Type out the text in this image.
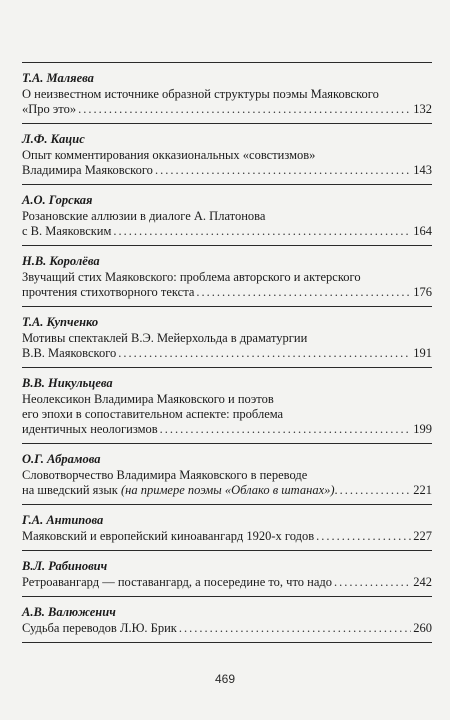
Т.А. Маляева
О неизвестном источнике образной структуры поэмы Маяковского
«Про это» .....	132
Л.Ф. Кацис
Опыт комментирования окказиональных «совстизмов»
Владимира Маяковского .....	143
А.О. Горская
Розановские аллюзии в диалоге А. Платонова
с В. Маяковским .....	164
Н.В. Королёва
Звучащий стих Маяковского: проблема авторского и актерского
прочтения стихотворного текста .....	176
Т.А. Купченко
Мотивы спектаклей В.Э. Мейерхольда в драматургии
В.В. Маяковского .....	191
В.В. Никульцева
Неолексикон Владимира Маяковского и поэтов
его эпохи в сопоставительном аспекте: проблема
идентичных неологизмов .....	199
О.Г. Абрамова
Словотворчество Владимира Маяковского в переводе
на шведский язык (на примере поэмы «Облако в штанах»). .....	221
Г.А. Антипова
Маяковский и европейский киноавангард 1920-х годов .....	227
В.Л. Рабинович
Ретроавангард — поставангард, а посередине то, что надо .....	242
А.В. Валюженич
Судьба переводов Л.Ю. Брик .....	260
469
